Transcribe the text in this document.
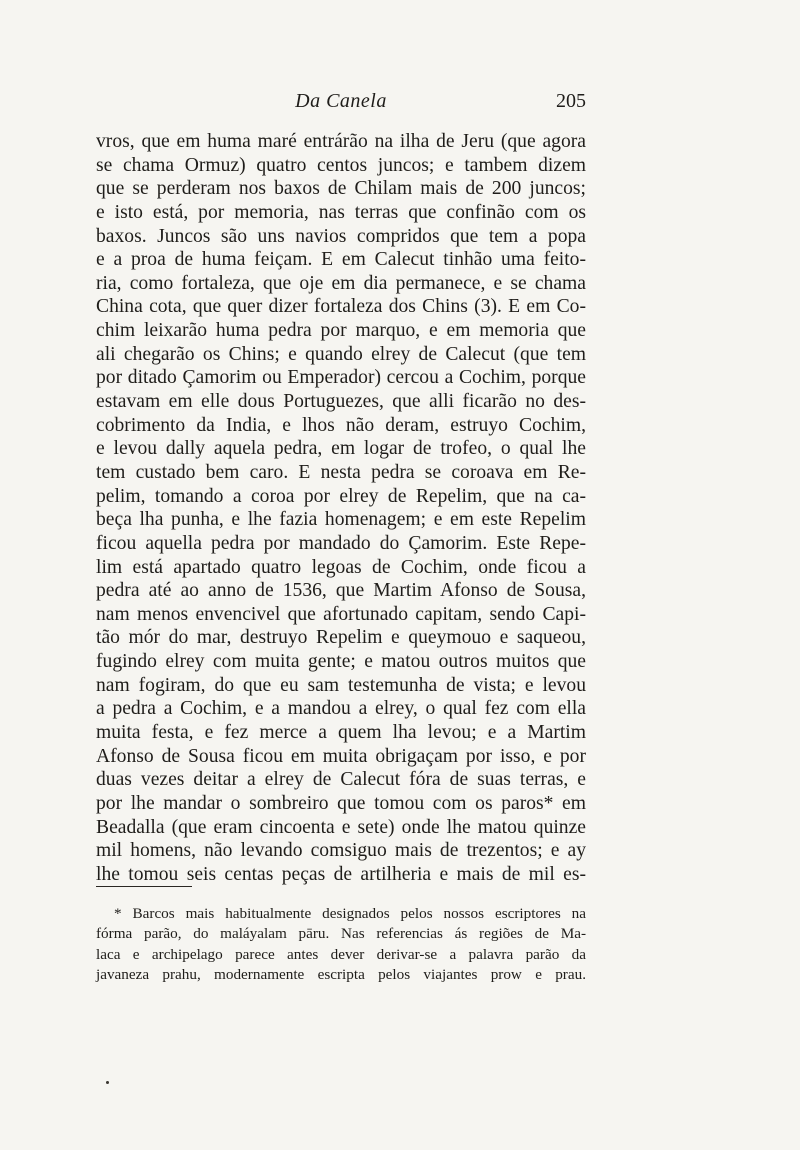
Da Canela	205
vros, que em huma maré entrárão na ilha de Jeru (que agora
se chama Ormuz) quatro centos juncos; e tambem dizem
que se perderam nos baxos de Chilam mais de 200 juncos;
e isto está, por memoria, nas terras que confinão com os
baxos. Juncos são uns navios compridos que tem a popa
e a proa de huma feiçam. E em Calecut tinhão uma feito-
ria, como fortaleza, que oje em dia permanece, e se chama
China cota, que quer dizer fortaleza dos Chins (3). E em Co-
chim leixarão huma pedra por marquo, e em memoria que
ali chegarão os Chins; e quando elrey de Calecut (que tem
por ditado Çamorim ou Emperador) cercou a Cochim, porque
estavam em elle dous Portuguezes, que alli ficarão no des-
cobrimento da India, e lhos não deram, estruyo Cochim,
e levou dally aquela pedra, em logar de trofeo, o qual lhe
tem custado bem caro. E nesta pedra se coroava em Re-
pelim, tomando a coroa por elrey de Repelim, que na ca-
beça lha punha, e lhe fazia homenagem; e em este Repelim
ficou aquella pedra por mandado do Çamorim. Este Repe-
lim está apartado quatro legoas de Cochim, onde ficou a
pedra até ao anno de 1536, que Martim Afonso de Sousa,
nam menos envencivel que afortunado capitam, sendo Capi-
tão mór do mar, destruyo Repelim e queymouo e saqueou,
fugindo elrey com muita gente; e matou outros muitos que
nam fogiram, do que eu sam testemunha de vista; e levou
a pedra a Cochim, e a mandou a elrey, o qual fez com ella
muita festa, e fez merce a quem lha levou; e a Martim
Afonso de Sousa ficou em muita obrigaçam por isso, e por
duas vezes deitar a elrey de Calecut fóra de suas terras, e
por lhe mandar o sombreiro que tomou com os paros* em
Beadalla (que eram cincoenta e sete) onde lhe matou quinze
mil homens, não levando comsiguo mais de trezentos; e ay
lhe tomou seis centas peças de artilheria e mais de mil es-
* Barcos mais habitualmente designados pelos nossos escriptores na
fórma parão, do maláyalam pāru. Nas referencias ás regiões de Ma-
laca e archipelago parece antes dever derivar-se a palavra parão da
javaneza prahu, modernamente escripta pelos viajantes prow e prau.
